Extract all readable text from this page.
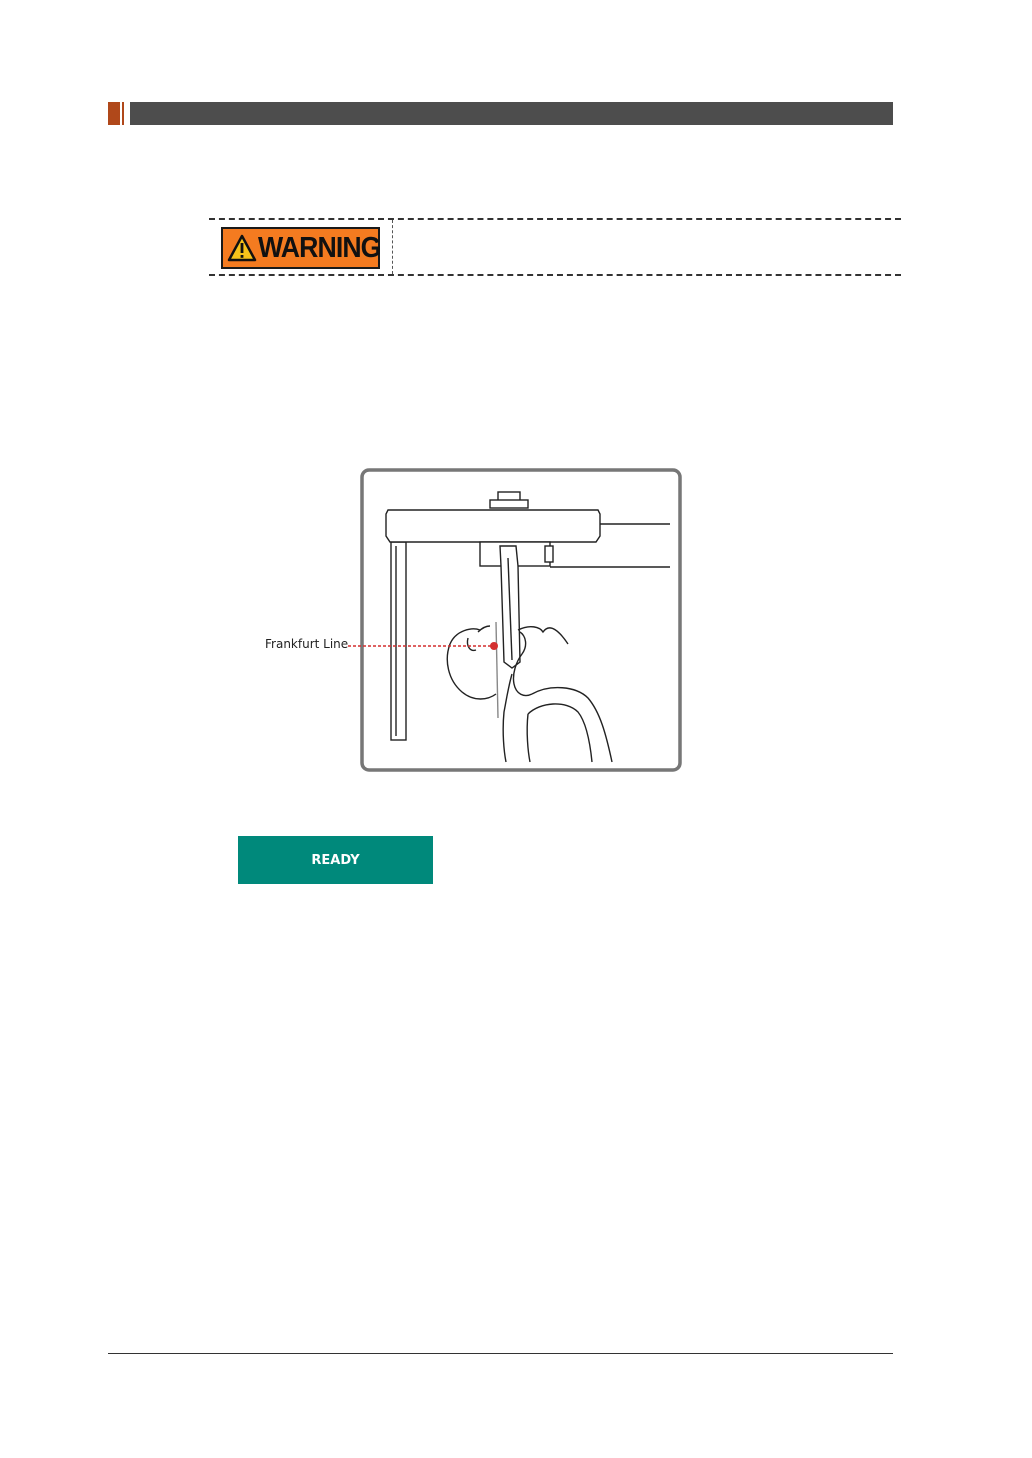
WARNING
Frankfurt Line
READY
